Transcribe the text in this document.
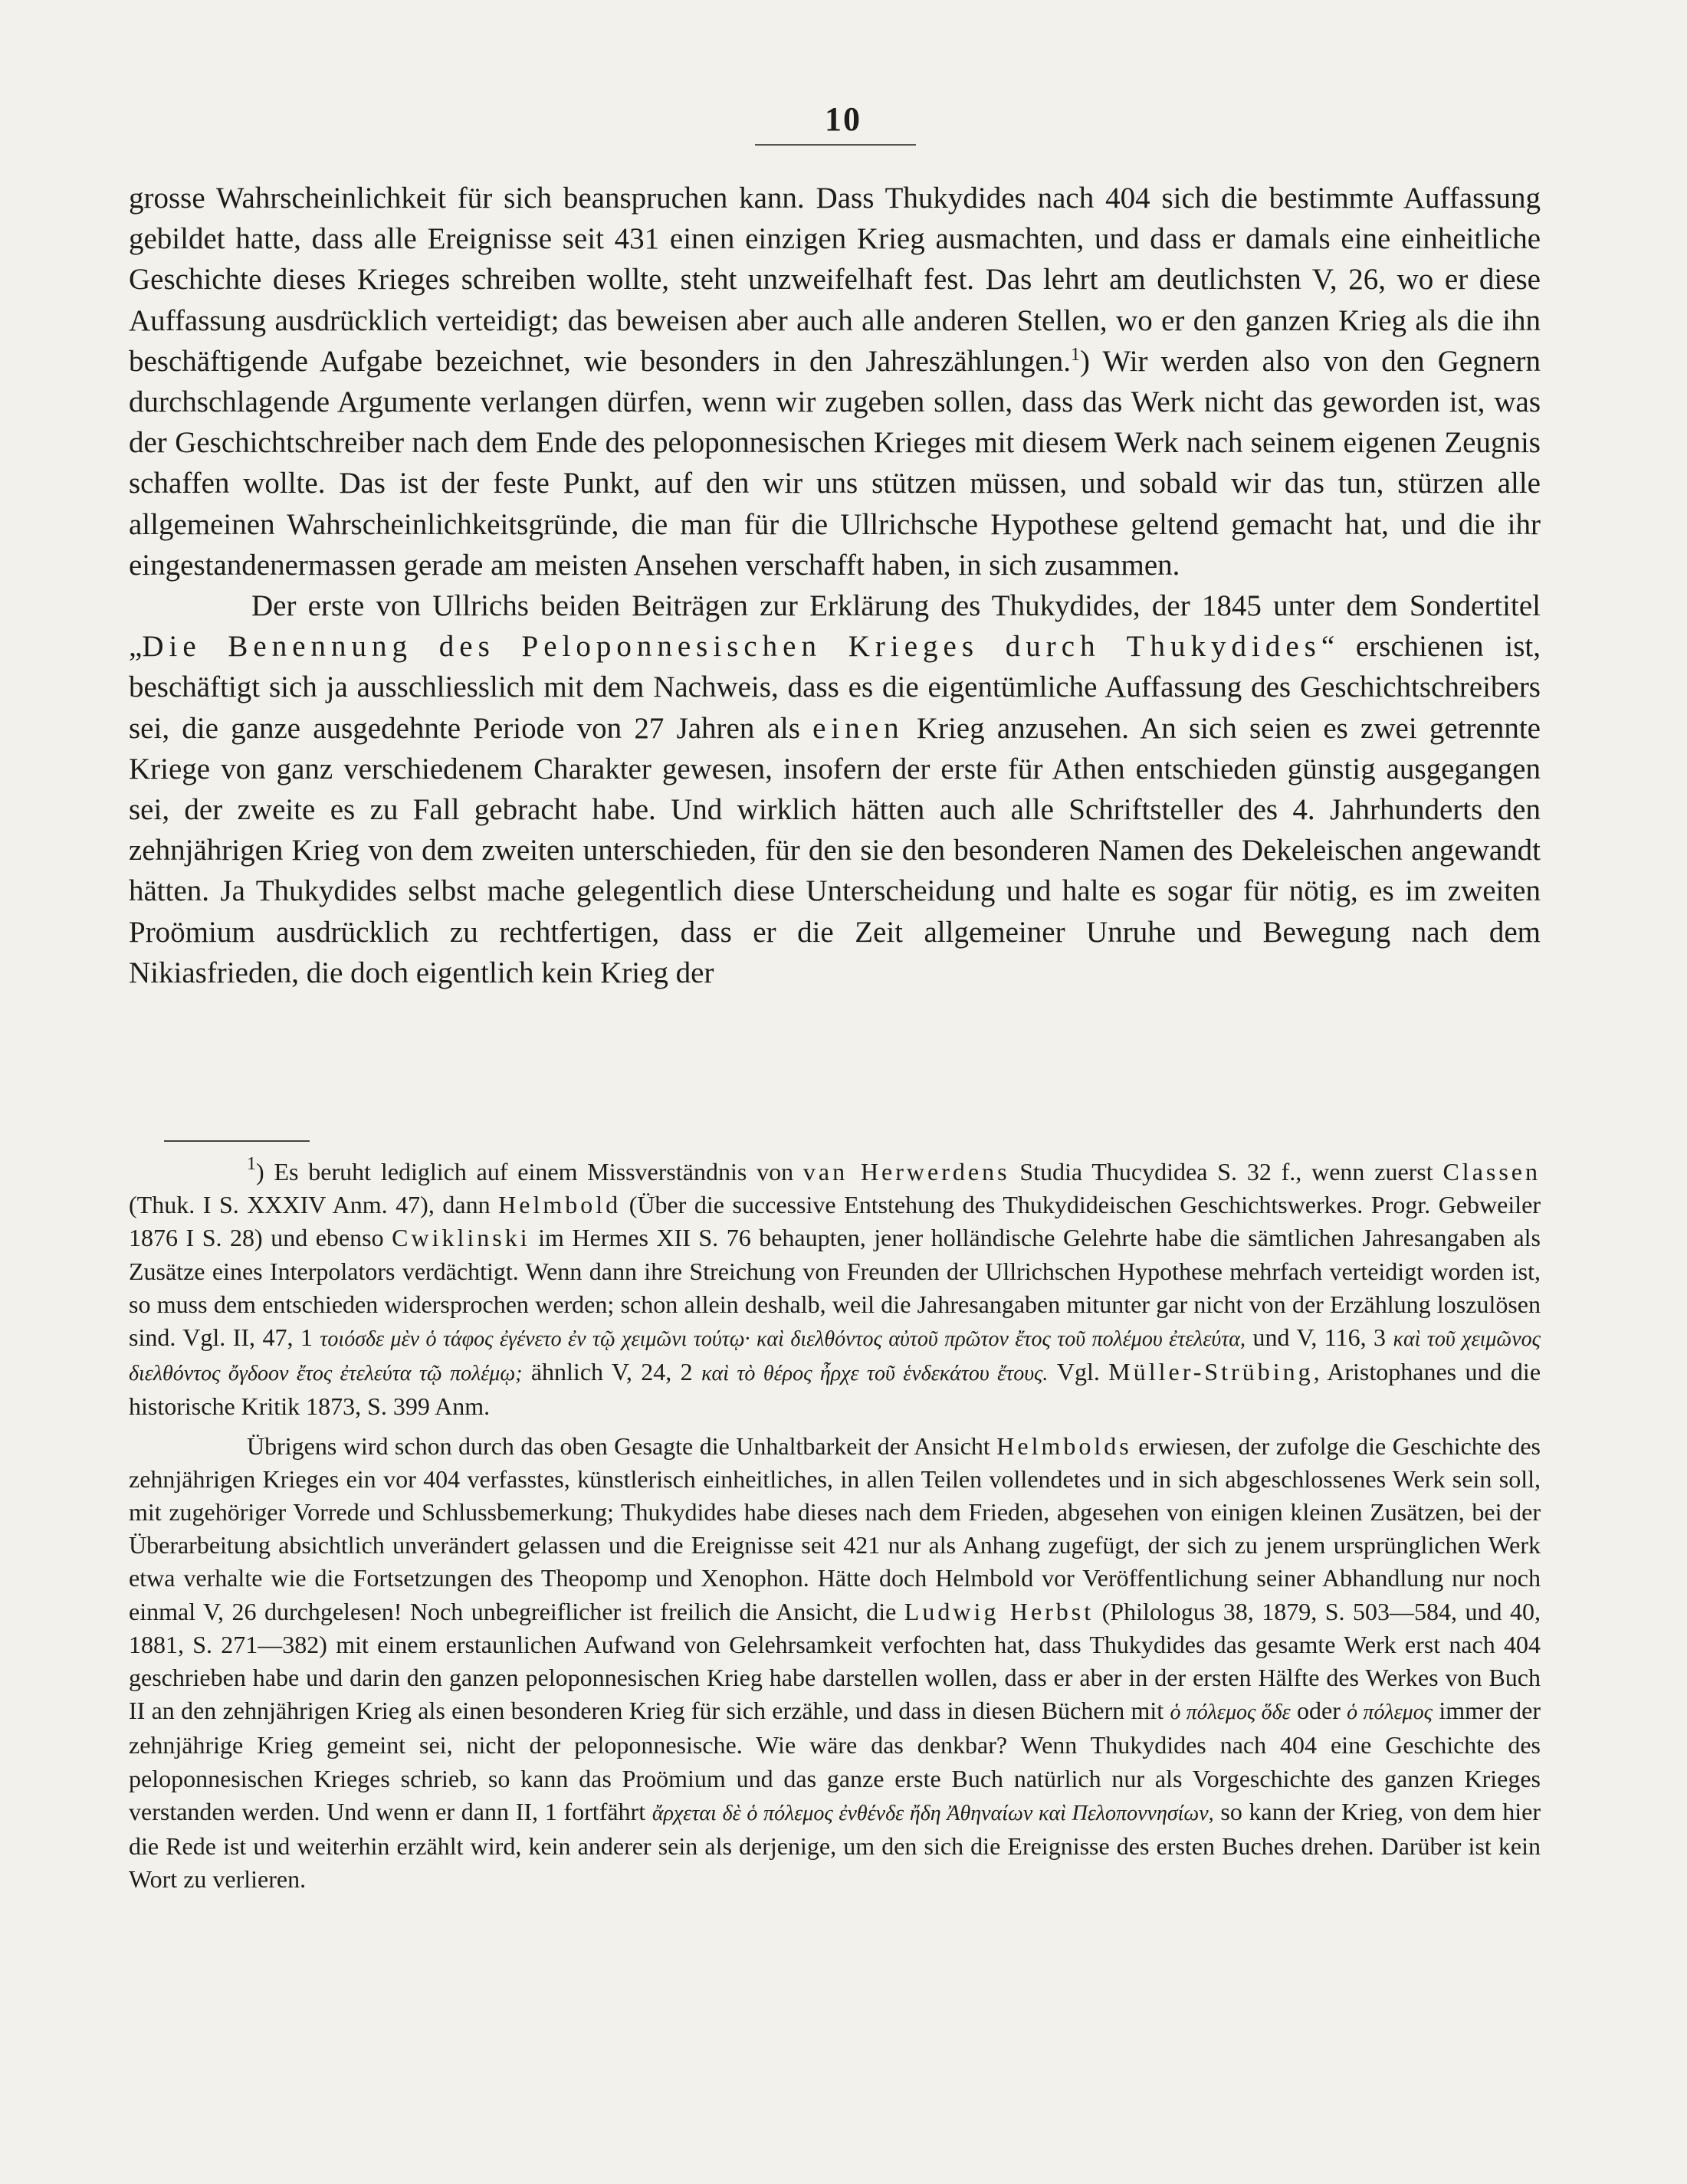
10

grosse Wahrscheinlichkeit für sich beanspruchen kann. Dass Thukydides nach 404 sich die bestimmte Auffassung gebildet hatte, dass alle Ereignisse seit 431 einen einzigen Krieg ausmachten, und dass er damals eine einheitliche Geschichte dieses Krieges schreiben wollte, steht unzweifelhaft fest. Das lehrt am deutlichsten V, 26, wo er diese Auffassung ausdrücklich verteidigt; das beweisen aber auch alle anderen Stellen, wo er den ganzen Krieg als die ihn beschäftigende Aufgabe bezeichnet, wie besonders in den Jahreszählungen.$^1$) Wir werden also von den Gegnern durchschlagende Argumente verlangen dürfen, wenn wir zugeben sollen, dass das Werk nicht das geworden ist, was der Geschichtschreiber nach dem Ende des peloponnesischen Krieges mit diesem Werk nach seinem eigenen Zeugnis schaffen wollte. Das ist der feste Punkt, auf den wir uns stützen müssen, und sobald wir das tun, stürzen alle allgemeinen Wahrscheinlichkeitsgründe, die man für die Ullrichsche Hypothese geltend gemacht hat, und die ihr eingestandenermassen gerade am meisten Ansehen verschafft haben, in sich zusammen.

Der erste von Ullrichs beiden Beiträgen zur Erklärung des Thukydides, der 1845 unter dem Sondertitel „Die Benennung des Peloponnesischen Krieges durch Thukydides“ erschienen ist, beschäftigt sich ja ausschliesslich mit dem Nachweis, dass es die eigentümliche Auffassung des Geschichtschreibers sei, die ganze ausgedehnte Periode von 27 Jahren als einen Krieg anzusehen. An sich seien es zwei getrennte Kriege von ganz verschiedenem Charakter gewesen, insofern der erste für Athen entschieden günstig ausgegangen sei, der zweite es zu Fall gebracht habe. Und wirklich hätten auch alle Schriftsteller des 4. Jahrhunderts den zehnjährigen Krieg von dem zweiten unterschieden, für den sie den besonderen Namen des Dekeleischen angewandt hätten. Ja Thukydides selbst mache gelegentlich diese Unterscheidung und halte es sogar für nötig, es im zweiten Proömium ausdrücklich zu rechtfertigen, dass er die Zeit allgemeiner Unruhe und Bewegung nach dem Nikiasfrieden, die doch eigentlich kein Krieg der

$^1$) Es beruht lediglich auf einem Missverständnis von van Herwerdens Studia Thucydidea S. 32 f., wenn zuerst Classen (Thuk. I S. XXXIV Anm. 47), dann Helmbold (Über die successive Entstehung des Thukydideischen Geschichtswerkes. Progr. Gebweiler 1876 I S. 28) und ebenso Cwiklinski im Hermes XII S. 76 behaupten, jener holländische Gelehrte habe die sämtlichen Jahresangaben als Zusätze eines Interpolators verdächtigt. Wenn dann ihre Streichung von Freunden der Ullrichschen Hypothese mehrfach verteidigt worden ist, so muss dem entschieden widersprochen werden; schon allein deshalb, weil die Jahresangaben mitunter gar nicht von der Erzählung loszulösen sind. Vgl. II, 47, 1 τοιόσδε μὲν ὁ τάφος ἐγένετο ἐν τῷ χειμῶνι τούτῳ· καὶ διελθόντος αὐτοῦ πρῶτον ἔτος τοῦ πολέμου ἐτελεύτα, und V, 116, 3 καὶ τοῦ χειμῶνος διελθόντος ὄγδοον ἔτος ἐτελεύτα τῷ πολέμῳ; ähnlich V, 24, 2 καὶ τὸ θέρος ἦρχε τοῦ ἑνδεκάτου ἔτους. Vgl. Müller-Strübing, Aristophanes und die historische Kritik 1873, S. 399 Anm.

Übrigens wird schon durch das oben Gesagte die Unhaltbarkeit der Ansicht Helmbolds erwiesen, der zufolge die Geschichte des zehnjährigen Krieges ein vor 404 verfasstes, künstlerisch einheitliches, in allen Teilen vollendetes und in sich abgeschlossenes Werk sein soll, mit zugehöriger Vorrede und Schlussbemerkung; Thukydides habe dieses nach dem Frieden, abgesehen von einigen kleinen Zusätzen, bei der Überarbeitung absichtlich unverändert gelassen und die Ereignisse seit 421 nur als Anhang zugefügt, der sich zu jenem ursprünglichen Werk etwa verhalte wie die Fortsetzungen des Theopomp und Xenophon. Hätte doch Helmbold vor Veröffentlichung seiner Abhandlung nur noch einmal V, 26 durchgelesen! Noch unbegreiflicher ist freilich die Ansicht, die Ludwig Herbst (Philologus 38, 1879, S. 503—584, und 40, 1881, S. 271—382) mit einem erstaunlichen Aufwand von Gelehrsamkeit verfochten hat, dass Thukydides das gesamte Werk erst nach 404 geschrieben habe und darin den ganzen peloponnesischen Krieg habe darstellen wollen, dass er aber in der ersten Hälfte des Werkes von Buch II an den zehnjährigen Krieg als einen besonderen Krieg für sich erzähle, und dass in diesen Büchern mit ὁ πόλεμος ὅδε oder ὁ πόλεμος immer der zehnjährige Krieg gemeint sei, nicht der peloponnesische. Wie wäre das denkbar? Wenn Thukydides nach 404 eine Geschichte des peloponnesischen Krieges schrieb, so kann das Proömium und das ganze erste Buch natürlich nur als Vorgeschichte des ganzen Krieges verstanden werden. Und wenn er dann II, 1 fortfährt ἄρχεται δὲ ὁ πόλεμος ἐνθένδε ἤδη Ἀθηναίων καὶ Πελοποννησίων, so kann der Krieg, von dem hier die Rede ist und weiterhin erzählt wird, kein anderer sein als derjenige, um den sich die Ereignisse des ersten Buches drehen. Darüber ist kein Wort zu verlieren.
